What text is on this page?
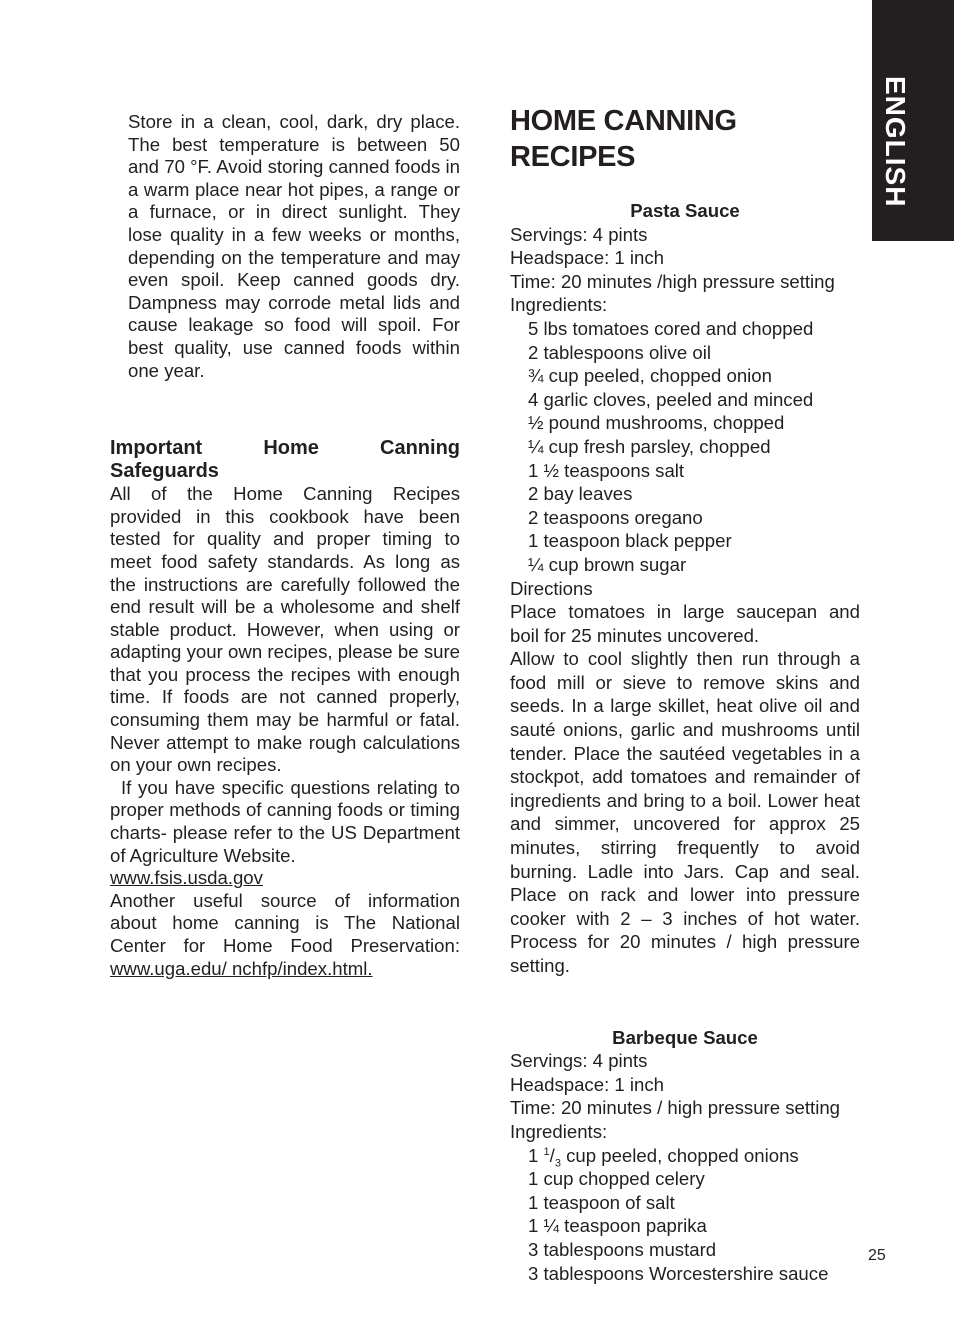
Store in a clean, cool, dark, dry place. The best temperature is between 50 and 70 °F. Avoid storing canned foods in a warm place near hot pipes, a range or a furnace, or in direct sunlight. They lose quality in a few weeks or months, depending on the temperature and may even spoil. Keep canned goods dry. Dampness may corrode metal lids and cause leakage so food will spoil. For best quality, use canned foods within one year.

Important Home Canning Safeguards

All of the Home Canning Recipes provided in this cookbook have been tested for quality and proper timing to meet food safety standards. As long as the instructions are carefully followed the end result will be a wholesome and shelf stable product. However, when using or adapting your own recipes, please be sure that you process the recipes with enough time. If foods are not canned properly, consuming them may be harmful or fatal. Never attempt to make rough calculations on your own recipes.

If you have specific questions relating to proper methods of canning foods or timing charts- please refer to the US Department of Agriculture Website.

www.fsis.usda.gov

Another useful source of information about home canning is The National Center for Home Food Preservation: www.uga.edu/ nchfp/index.html.

HOME CANNING RECIPES

Pasta Sauce

Servings: 4 pints

Headspace: 1 inch

Time: 20 minutes /high pressure setting

Ingredients:

5 lbs tomatoes cored and chopped

2 tablespoons olive oil

¾ cup peeled, chopped onion

4 garlic cloves, peeled and minced

½ pound mushrooms, chopped

¼ cup fresh parsley, chopped

1 ½ teaspoons salt

2 bay leaves

2 teaspoons oregano

1 teaspoon black pepper

¼ cup brown sugar

Directions

Place tomatoes in large saucepan and boil for 25 minutes uncovered.

Allow to cool slightly then run through a food mill or sieve to remove skins and seeds. In a large skillet, heat olive oil and sauté onions, garlic and mushrooms until tender. Place the sautéed vegetables in a stockpot, add tomatoes and remainder of ingredients and bring to a boil. Lower heat and simmer, uncovered for approx 25 minutes, stirring frequently to avoid burning. Ladle into Jars. Cap and seal. Place on rack and lower into pressure cooker with 2 – 3 inches of hot water. Process for 20 minutes / high pressure setting.

Barbeque Sauce

Servings: 4 pints

Headspace: 1 inch

Time: 20 minutes / high pressure setting

Ingredients:

1 $^1/_3$ cup peeled, chopped onions

1 cup chopped celery

1 teaspoon of salt

1 ¼ teaspoon paprika

3 tablespoons mustard

3 tablespoons Worcestershire sauce

25
